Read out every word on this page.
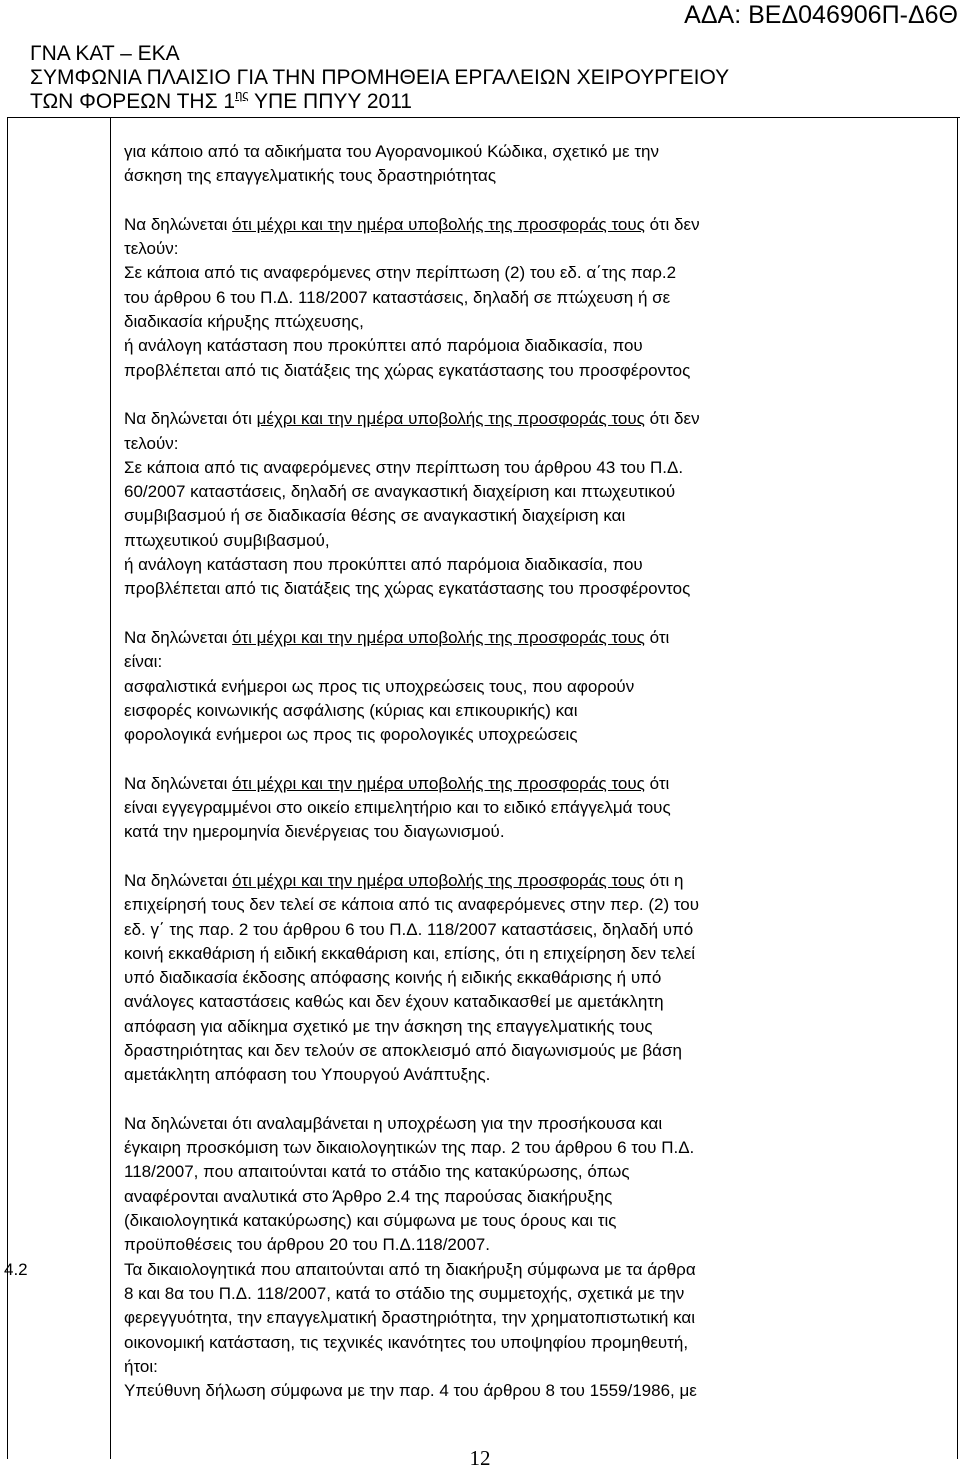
ΑΔΑ: ΒΕΔ046906Π-Δ6Θ
ΓΝΑ ΚΑΤ – ΕΚΑ
ΣΥΜΦΩΝΙΑ ΠΛΑΙΣΙΟ ΓΙΑ ΤΗΝ ΠΡΟΜΗΘΕΙΑ ΕΡΓΑΛΕΙΩΝ ΧΕΙΡΟΥΡΓΕΙΟΥ
ΤΩΝ ΦΟΡΕΩΝ ΤΗΣ $1^{\eta\varsigma}$ ΥΠΕ ΠΠΥΥ 2011

για κάποιο από τα αδικήματα του Αγορανομικού Κώδικα, σχετικό με την

άσκηση της επαγγελματικής τους δραστηριότητας

Να δηλώνεται ότι μέχρι και την ημέρα υποβολής της προσφοράς τους ότι δεν

τελούν:

Σε κάποια από τις αναφερόμενες στην περίπτωση (2) του εδ. α΄της παρ.2

του άρθρου 6 του Π.Δ. 118/2007 καταστάσεις, δηλαδή σε πτώχευση ή σε

διαδικασία κήρυξης πτώχευσης,

ή ανάλογη κατάσταση που προκύπτει από παρόμοια διαδικασία, που

προβλέπεται από τις διατάξεις της χώρας εγκατάστασης του προσφέροντος

Να δηλώνεται ότι μέχρι και την ημέρα υποβολής της προσφοράς τους ότι δεν

τελούν:

Σε κάποια από τις αναφερόμενες στην περίπτωση του άρθρου 43 του Π.Δ.

60/2007 καταστάσεις, δηλαδή σε αναγκαστική διαχείριση και πτωχευτικού

συμβιβασμού ή σε διαδικασία θέσης σε αναγκαστική διαχείριση και

πτωχευτικού συμβιβασμού,

ή ανάλογη κατάσταση που προκύπτει από παρόμοια διαδικασία, που

προβλέπεται από τις διατάξεις της χώρας εγκατάστασης του προσφέροντος

Να δηλώνεται ότι μέχρι και την ημέρα υποβολής της προσφοράς τους ότι

είναι:

ασφαλιστικά ενήμεροι ως προς τις υποχρεώσεις τους, που αφορούν

εισφορές κοινωνικής ασφάλισης (κύριας και επικουρικής) και

φορολογικά ενήμεροι ως προς τις φορολογικές υποχρεώσεις

Να δηλώνεται ότι μέχρι και την ημέρα υποβολής της προσφοράς τους ότι

είναι εγγεγραμμένοι στο οικείο επιμελητήριο και το ειδικό επάγγελμά τους

κατά την ημερομηνία διενέργειας του διαγωνισμού.

Να δηλώνεται ότι μέχρι και την ημέρα υποβολής της προσφοράς τους ότι η

επιχείρησή τους δεν τελεί σε κάποια από τις αναφερόμενες στην περ. (2) του

εδ. γ΄ της παρ. 2 του άρθρου 6 του Π.Δ. 118/2007 καταστάσεις, δηλαδή υπό

κοινή εκκαθάριση ή ειδική εκκαθάριση και, επίσης, ότι η επιχείρηση δεν τελεί

υπό διαδικασία έκδοσης απόφασης κοινής ή ειδικής εκκαθάρισης ή υπό

ανάλογες καταστάσεις καθώς και δεν έχουν καταδικασθεί με αμετάκλητη

απόφαση για αδίκημα σχετικό με την άσκηση της επαγγελματικής τους

δραστηριότητας και δεν τελούν σε αποκλεισμό από διαγωνισμούς με βάση

αμετάκλητη απόφαση του Υπουργού Ανάπτυξης.

Να δηλώνεται ότι αναλαμβάνεται η υποχρέωση για την προσήκουσα και

έγκαιρη προσκόμιση των δικαιολογητικών της παρ. 2 του άρθρου 6 του Π.Δ.

118/2007, που απαιτούνται κατά το στάδιο της κατακύρωσης, όπως

αναφέρονται αναλυτικά στο Άρθρο 2.4 της παρούσας διακήρυξης

(δικαιολογητικά κατακύρωσης) και σύμφωνα με τους όρους και τις

προϋποθέσεις του άρθρου 20 του Π.Δ.118/2007.

4.2	Τα δικαιολογητικά που απαιτούνται από τη διακήρυξη σύμφωνα με τα άρθρα

8 και 8α του Π.Δ. 118/2007, κατά το στάδιο της συμμετοχής, σχετικά με την

φερεγγυότητα, την επαγγελματική δραστηριότητα, την χρηματοπιστωτική και

οικονομική κατάσταση, τις τεχνικές ικανότητες του υποψηφίου προμηθευτή,

ήτοι:

Υπεύθυνη δήλωση σύμφωνα με την παρ. 4 του άρθρου 8 του 1559/1986, με

12
